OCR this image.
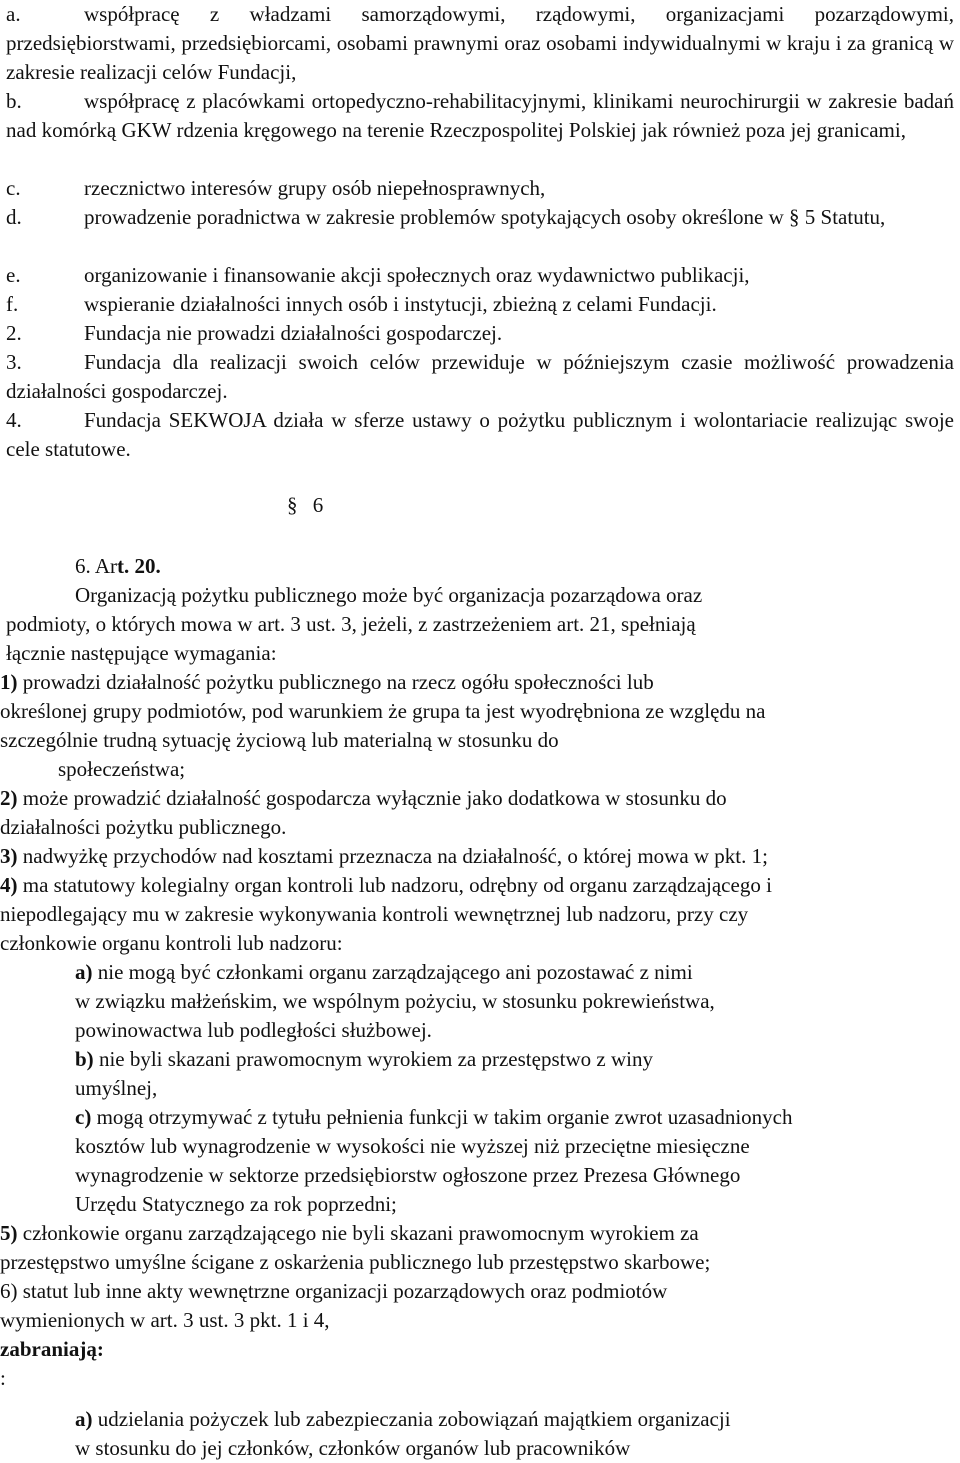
a.	współpracę z władzami samorządowymi, rządowymi, organizacjami pozarządowymi, przedsiębiorstwami, przedsiębiorcami, osobami prawnymi oraz osobami indywidualnymi w kraju i za granicą w zakresie realizacji celów Fundacji,
b.	współpracę z placówkami ortopedyczno-rehabilitacyjnymi, klinikami neurochirurgii w zakresie badań nad komórką GKW rdzenia kręgowego na terenie Rzeczpospolitej Polskiej jak również poza jej granicami,
c.	rzecznictwo interesów grupy osób niepełnosprawnych,
d.	prowadzenie poradnictwa w zakresie problemów spotykających osoby określone w § 5 Statutu,
e.	organizowanie i finansowanie akcji społecznych oraz wydawnictwo publikacji,
f.	wspieranie działalności innych osób i instytucji, zbieżną z celami Fundacji.
2.	Fundacja nie prowadzi działalności gospodarczej.
3.	Fundacja dla realizacji swoich celów przewiduje w późniejszym czasie możliwość prowadzenia działalności gospodarczej.
4.	Fundacja SEKWOJA działa w sferze ustawy o pożytku publicznym i wolontariacie realizując swoje cele statutowe.
§ 6
6. Art. 20.
Organizacją pożytku publicznego może być organizacja pozarządowa oraz
podmioty, o których mowa w art. 3 ust. 3, jeżeli, z zastrzeżeniem art. 21, spełniają
łącznie następujące wymagania:
1) prowadzi działalność pożytku publicznego na rzecz ogółu społeczności lub
określonej grupy podmiotów, pod warunkiem że grupa ta jest wyodrębniona ze względu na
szczególnie trudną sytuację życiową lub materialną w stosunku do
społeczeństwa;
2) może prowadzić działalność gospodarcza wyłącznie jako dodatkowa w stosunku do
działalności pożytku publicznego.
3) nadwyżkę przychodów nad kosztami przeznacza na działalność, o której mowa w pkt. 1;
4) ma statutowy kolegialny organ kontroli lub nadzoru, odrębny od organu zarządzającego i
niepodlegający mu w zakresie wykonywania kontroli wewnętrznej lub nadzoru, przy czy
członkowie organu kontroli lub nadzoru:
a) nie mogą być członkami organu zarządzającego ani pozostawać z nimi
w związku małżeńskim, we wspólnym pożyciu, w stosunku pokrewieństwa,
powinowactwa lub podległości służbowej.
b) nie byli skazani prawomocnym wyrokiem za przestępstwo z winy
umyślnej,
c) mogą otrzymywać z tytułu pełnienia funkcji w takim organie zwrot uzasadnionych
kosztów lub wynagrodzenie w wysokości nie wyższej niż przeciętne miesięczne
wynagrodzenie w sektorze przedsiębiorstw ogłoszone przez Prezesa Głównego
Urzędu Statycznego za rok poprzedni;
5) członkowie organu zarządzającego nie byli skazani prawomocnym wyrokiem za
przestępstwo umyślne ścigane z oskarżenia publicznego lub przestępstwo skarbowe;
6) statut lub inne akty wewnętrzne organizacji pozarządowych oraz podmiotów
wymienionych w art. 3 ust. 3 pkt. 1 i 4,
zabraniają:
:
a) udzielania pożyczek lub zabezpieczania zobowiązań majątkiem organizacji
w stosunku do jej członków, członków organów lub pracowników
